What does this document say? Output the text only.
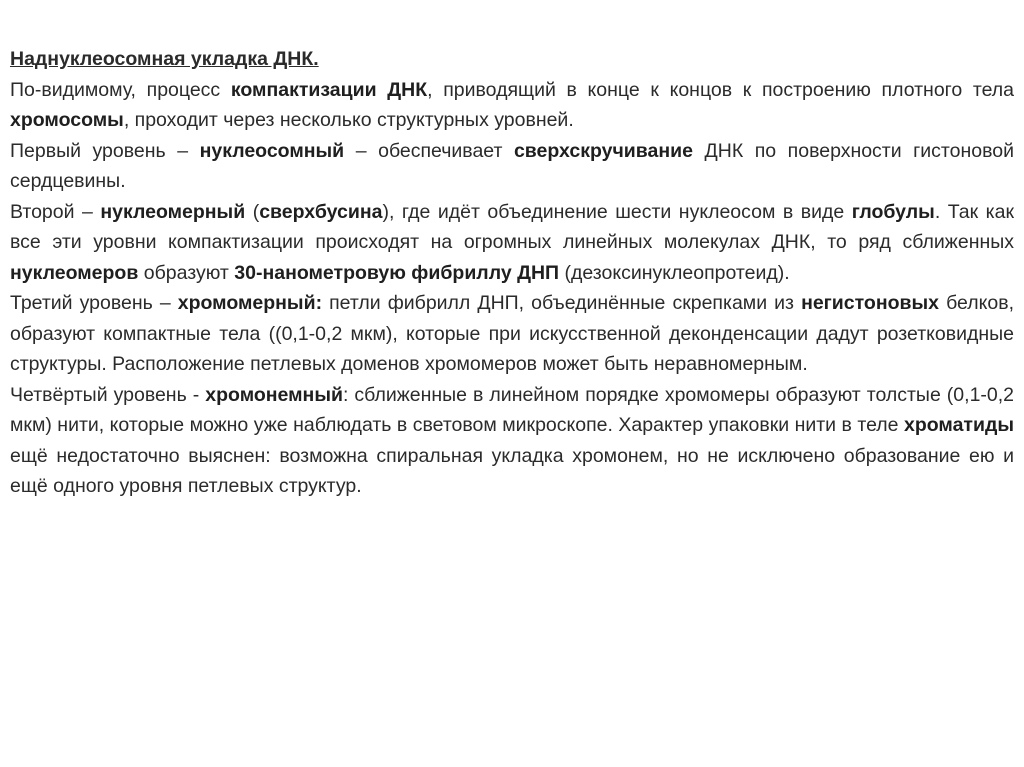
Наднуклеосомная укладка ДНК.

По-видимому, процесс компактизации ДНК, приводящий в конце к концов к построению плотного тела хромосомы, проходит через несколько структурных уровней.

Первый уровень – нуклеосомный – обеспечивает сверхскручивание ДНК по поверхности гистоновой сердцевины.

Второй – нуклеомерный (сверхбусина), где идёт объединение шести нуклеосом в виде глобулы. Так как все эти уровни компактизации происходят на огромных линейных молекулах ДНК, то ряд сближенных нуклеомеров образуют 30-нанометровую фибриллу ДНП (дезоксинуклеопротеид).

Третий уровень – хромомерный: петли фибрилл ДНП, объединённые скрепками из негистоновых белков, образуют компактные тела ((0,1-0,2 мкм), которые при искусственной деконденсации дадут розетковидные структуры. Расположение петлевых доменов хромомеров может быть неравномерным.

Четвёртый уровень - хромонемный: сближенные в линейном порядке хромомеры образуют толстые (0,1-0,2 мкм) нити, которые можно уже наблюдать в световом микроскопе. Характер упаковки нити в теле хроматиды ещё недостаточно выяснен: возможна спиральная укладка хромонем, но не исключено образование ею и ещё одного уровня петлевых структур.
